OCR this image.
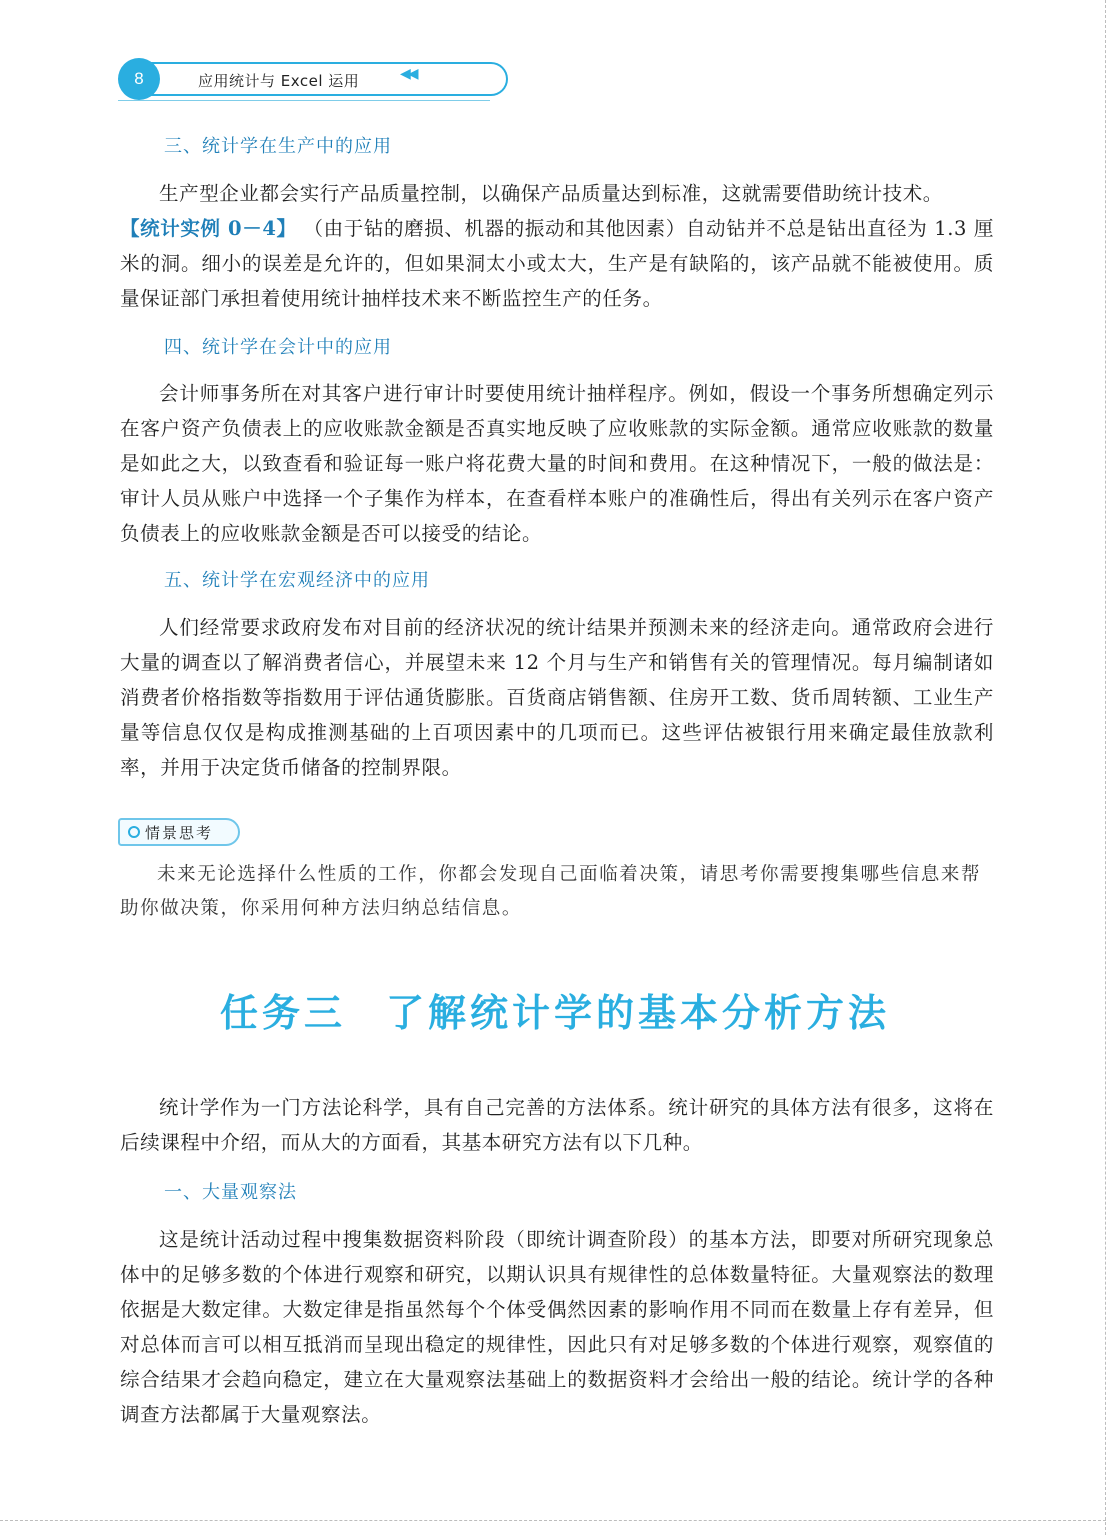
8	应用统计与 Excel 运用	◀◀
三、统计学在生产中的应用
生产型企业都会实行产品质量控制，以确保产品质量达到标准，这就需要借助统计技术。
【统计实例 0－4】 （由于钻的磨损、机器的振动和其他因素）自动钻并不总是钻出直径为 1.3 厘米的洞。细小的误差是允许的，但如果洞太小或太大，生产是有缺陷的，该产品就不能被使用。质量保证部门承担着使用统计抽样技术来不断监控生产的任务。
四、统计学在会计中的应用
会计师事务所在对其客户进行审计时要使用统计抽样程序。例如，假设一个事务所想确定列示在客户资产负债表上的应收账款金额是否真实地反映了应收账款的实际金额。通常应收账款的数量是如此之大，以致查看和验证每一账户将花费大量的时间和费用。在这种情况下，一般的做法是：审计人员从账户中选择一个子集作为样本，在查看样本账户的准确性后，得出有关列示在客户资产负债表上的应收账款金额是否可以接受的结论。
五、统计学在宏观经济中的应用
人们经常要求政府发布对目前的经济状况的统计结果并预测未来的经济走向。通常政府会进行大量的调查以了解消费者信心，并展望未来 12 个月与生产和销售有关的管理情况。每月编制诸如消费者价格指数等指数用于评估通货膨胀。百货商店销售额、住房开工数、货币周转额、工业生产量等信息仅仅是构成推测基础的上百项因素中的几项而已。这些评估被银行用来确定最佳放款利率，并用于决定货币储备的控制界限。
情景思考
未来无论选择什么性质的工作，你都会发现自己面临着决策，请思考你需要搜集哪些信息来帮助你做决策，你采用何种方法归纳总结信息。
任务三 了解统计学的基本分析方法
统计学作为一门方法论科学，具有自己完善的方法体系。统计研究的具体方法有很多，这将在后续课程中介绍，而从大的方面看，其基本研究方法有以下几种。
一、大量观察法
这是统计活动过程中搜集数据资料阶段（即统计调查阶段）的基本方法，即要对所研究现象总体中的足够多数的个体进行观察和研究，以期认识具有规律性的总体数量特征。大量观察法的数理依据是大数定律。大数定律是指虽然每个个体受偶然因素的影响作用不同而在数量上存有差异，但对总体而言可以相互抵消而呈现出稳定的规律性，因此只有对足够多数的个体进行观察，观察值的综合结果才会趋向稳定，建立在大量观察法基础上的数据资料才会给出一般的结论。统计学的各种调查方法都属于大量观察法。
